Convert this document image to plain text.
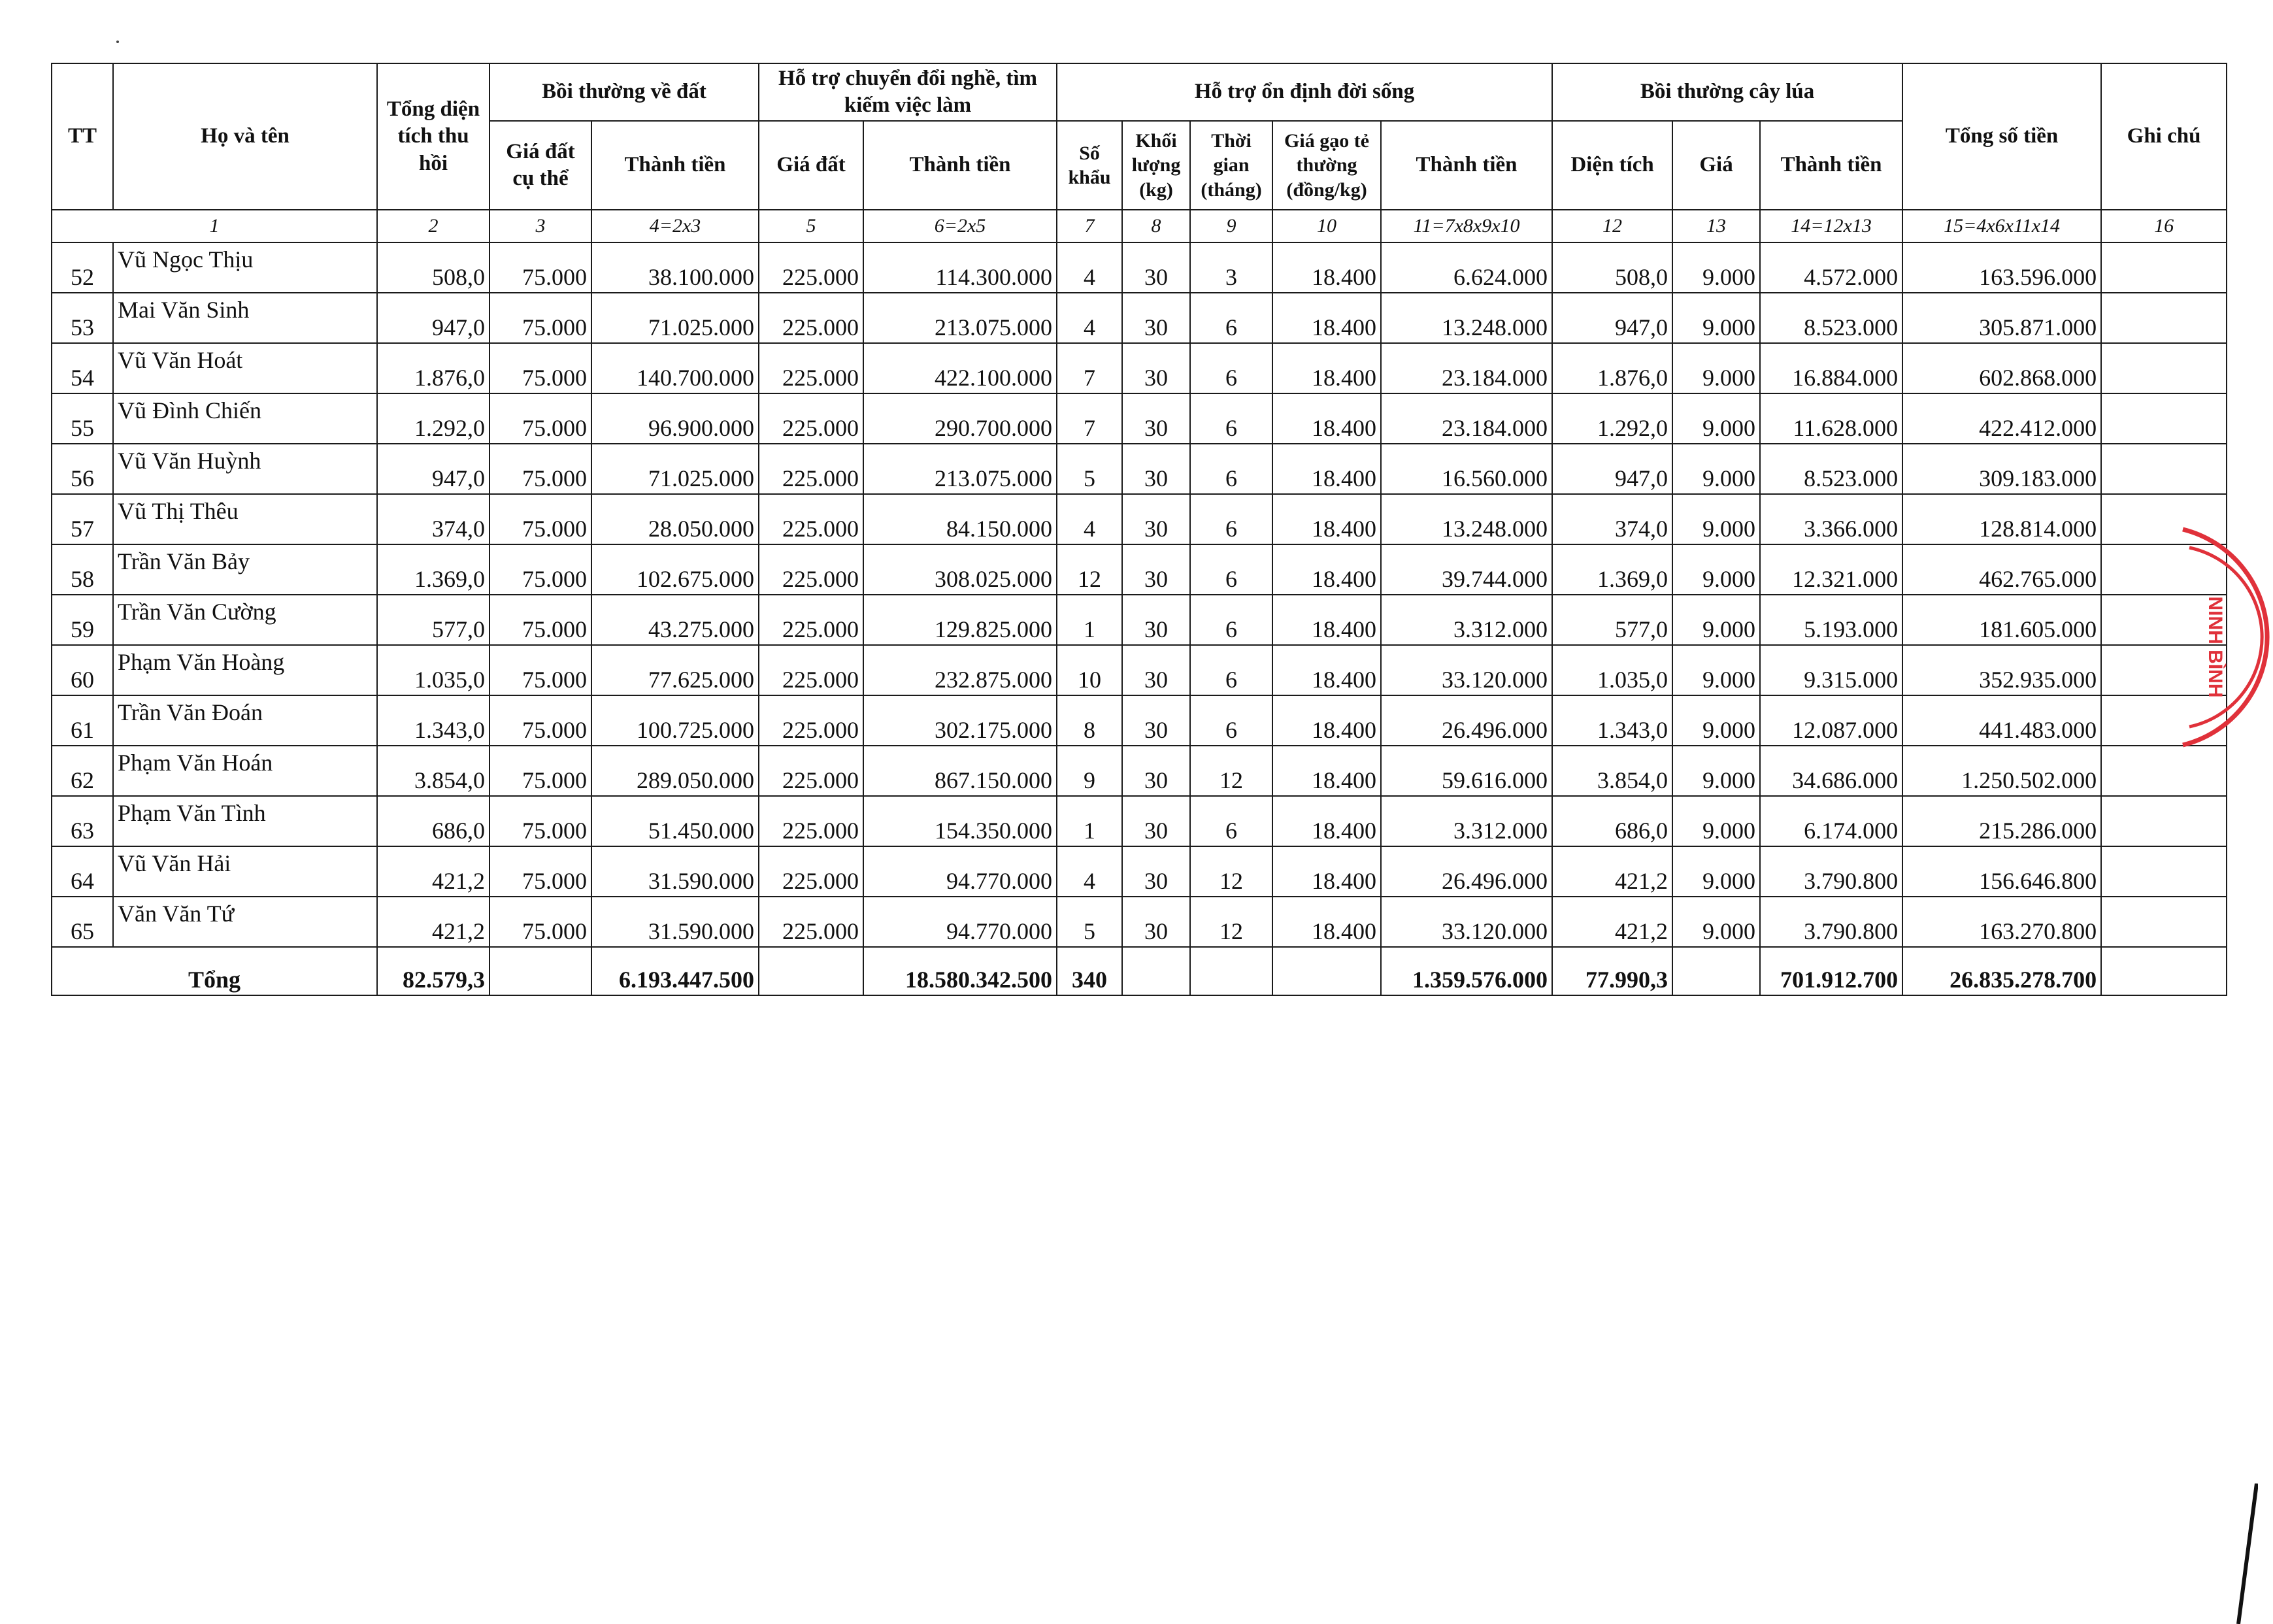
TT	Họ và tên	Tổng diện tích thu hồi	Bồi thường về đất		Hỗ trợ chuyển đổi nghề, tìm kiếm việc làm		Hỗ trợ ổn định đời sống					Bồi thường cây lúa			Tổng số tiền	Ghi chú
			Giá đất cụ thể	Thành tiền	Giá đất	Thành tiền	Số khẩu	Khối lượng (kg)	Thời gian (tháng)	Giá gạo tẻ thường (đồng/kg)	Thành tiền	Diện tích	Giá	Thành tiền		
1		2	3	4=2x3	5	6=2x5	7	8	9	10	11=7x8x9x10	12	13	14=12x13	15=4x6x11x14	16
52	Vũ Ngọc Thịu	508,0	75.000	38.100.000	225.000	114.300.000	4	30	3	18.400	6.624.000	508,0	9.000	4.572.000	163.596.000	
53	Mai Văn Sinh	947,0	75.000	71.025.000	225.000	213.075.000	4	30	6	18.400	13.248.000	947,0	9.000	8.523.000	305.871.000	
54	Vũ Văn Hoát	1.876,0	75.000	140.700.000	225.000	422.100.000	7	30	6	18.400	23.184.000	1.876,0	9.000	16.884.000	602.868.000	
55	Vũ Đình Chiến	1.292,0	75.000	96.900.000	225.000	290.700.000	7	30	6	18.400	23.184.000	1.292,0	9.000	11.628.000	422.412.000	
56	Vũ Văn Huỳnh	947,0	75.000	71.025.000	225.000	213.075.000	5	30	6	18.400	16.560.000	947,0	9.000	8.523.000	309.183.000	
57	Vũ Thị Thêu	374,0	75.000	28.050.000	225.000	84.150.000	4	30	6	18.400	13.248.000	374,0	9.000	3.366.000	128.814.000	
58	Trần Văn Bảy	1.369,0	75.000	102.675.000	225.000	308.025.000	12	30	6	18.400	39.744.000	1.369,0	9.000	12.321.000	462.765.000	
59	Trần Văn Cường	577,0	75.000	43.275.000	225.000	129.825.000	1	30	6	18.400	3.312.000	577,0	9.000	5.193.000	181.605.000	
60	Phạm Văn Hoàng	1.035,0	75.000	77.625.000	225.000	232.875.000	10	30	6	18.400	33.120.000	1.035,0	9.000	9.315.000	352.935.000	
61	Trần Văn Đoán	1.343,0	75.000	100.725.000	225.000	302.175.000	8	30	6	18.400	26.496.000	1.343,0	9.000	12.087.000	441.483.000	
62	Phạm Văn Hoán	3.854,0	75.000	289.050.000	225.000	867.150.000	9	30	12	18.400	59.616.000	3.854,0	9.000	34.686.000	1.250.502.000	
63	Phạm Văn Tình	686,0	75.000	51.450.000	225.000	154.350.000	1	30	6	18.400	3.312.000	686,0	9.000	6.174.000	215.286.000	
64	Vũ Văn Hải	421,2	75.000	31.590.000	225.000	94.770.000	4	30	12	18.400	26.496.000	421,2	9.000	3.790.800	156.646.800	
65	Văn Văn Tứ	421,2	75.000	31.590.000	225.000	94.770.000	5	30	12	18.400	33.120.000	421,2	9.000	3.790.800	163.270.800	
Tổng		82.579,3		6.193.447.500		18.580.342.500	340				1.359.576.000	77.990,3		701.912.700	26.835.278.700	
NINH BÌNH
